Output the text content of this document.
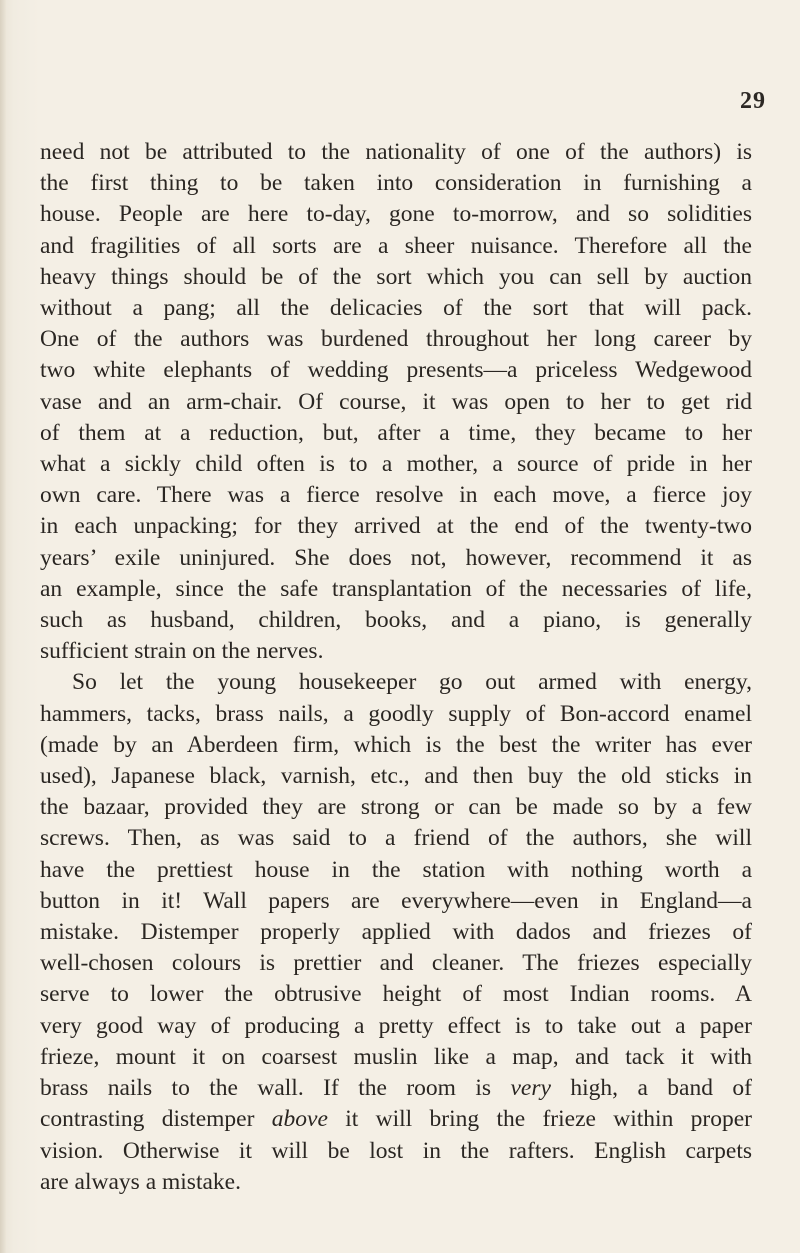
29
need not be attributed to the nationality of one of the authors) is
the first thing to be taken into consideration in furnishing a
house. People are here to-day, gone to-morrow, and so solidities
and fragilities of all sorts are a sheer nuisance. Therefore all the
heavy things should be of the sort which you can sell by auction
without a pang; all the delicacies of the sort that will pack.
One of the authors was burdened throughout her long career by
two white elephants of wedding presents—a priceless Wedgewood
vase and an arm-chair. Of course, it was open to her to get rid
of them at a reduction, but, after a time, they became to her
what a sickly child often is to a mother, a source of pride in her
own care. There was a fierce resolve in each move, a fierce joy
in each unpacking; for they arrived at the end of the twenty-two
years’ exile uninjured. She does not, however, recommend it as
an example, since the safe transplantation of the necessaries of life,
such as husband, children, books, and a piano, is generally
sufficient strain on the nerves.
So let the young housekeeper go out armed with energy,
hammers, tacks, brass nails, a goodly supply of Bon-accord enamel
(made by an Aberdeen firm, which is the best the writer has ever
used), Japanese black, varnish, etc., and then buy the old sticks in
the bazaar, provided they are strong or can be made so by a few
screws. Then, as was said to a friend of the authors, she will
have the prettiest house in the station with nothing worth a
button in it! Wall papers are everywhere—even in England—a
mistake. Distemper properly applied with dados and friezes of
well-chosen colours is prettier and cleaner. The friezes especially
serve to lower the obtrusive height of most Indian rooms. A
very good way of producing a pretty effect is to take out a paper
frieze, mount it on coarsest muslin like a map, and tack it with
brass nails to the wall. If the room is very high, a band of
contrasting distemper above it will bring the frieze within proper
vision. Otherwise it will be lost in the rafters. English carpets
are always a mistake.
